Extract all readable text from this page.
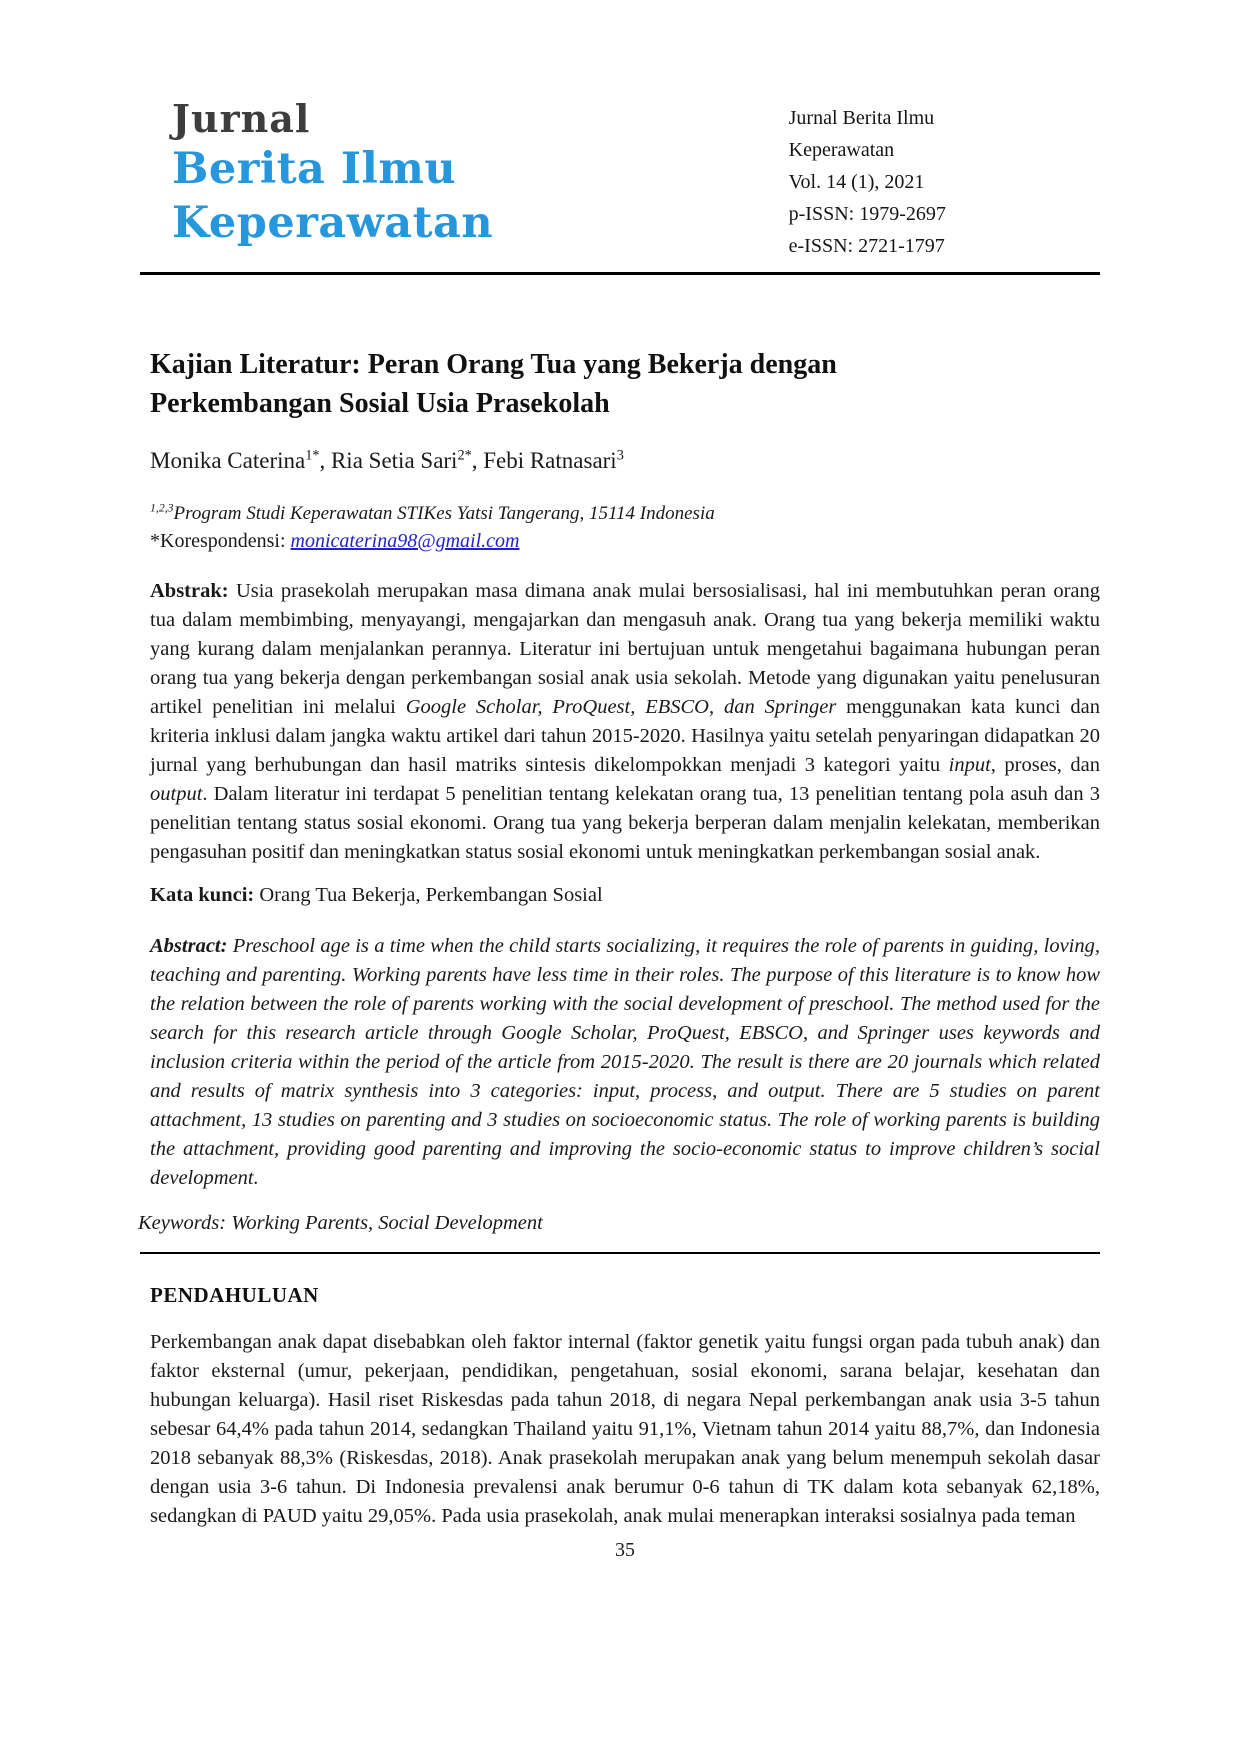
Jurnal
Berita Ilmu Keperawatan
Jurnal Berita Ilmu Keperawatan
Vol. 14 (1), 2021
p-ISSN: 1979-2697
e-ISSN: 2721-1797
Kajian Literatur: Peran Orang Tua yang Bekerja dengan Perkembangan Sosial Usia Prasekolah
Monika Caterina$^{1*}$, Ria Setia Sari$^{2*}$, Febi Ratnasari$^3$
$^{1,2,3}$Program Studi Keperawatan STIKes Yatsi Tangerang, 15114 Indonesia
*Korespondensi: monicaterina98@gmail.com

Abstrak: Usia prasekolah merupakan masa dimana anak mulai bersosialisasi, hal ini membutuhkan peran orang tua dalam membimbing, menyayangi, mengajarkan dan mengasuh anak. Orang tua yang bekerja memiliki waktu yang kurang dalam menjalankan perannya. Literatur ini bertujuan untuk mengetahui bagaimana hubungan peran orang tua yang bekerja dengan perkembangan sosial anak usia sekolah. Metode yang digunakan yaitu penelusuran artikel penelitian ini melalui Google Scholar, ProQuest, EBSCO, dan Springer menggunakan kata kunci dan kriteria inklusi dalam jangka waktu artikel dari tahun 2015-2020. Hasilnya yaitu setelah penyaringan didapatkan 20 jurnal yang berhubungan dan hasil matriks sintesis dikelompokkan menjadi 3 kategori yaitu input, proses, dan output. Dalam literatur ini terdapat 5 penelitian tentang kelekatan orang tua, 13 penelitian tentang pola asuh dan 3 penelitian tentang status sosial ekonomi. Orang tua yang bekerja berperan dalam menjalin kelekatan, memberikan pengasuhan positif dan meningkatkan status sosial ekonomi untuk meningkatkan perkembangan sosial anak.

Kata kunci: Orang Tua Bekerja, Perkembangan Sosial

Abstract: Preschool age is a time when the child starts socializing, it requires the role of parents in guiding, loving, teaching and parenting. Working parents have less time in their roles. The purpose of this literature is to know how the relation between the role of parents working with the social development of preschool. The method used for the search for this research article through Google Scholar, ProQuest, EBSCO, and Springer uses keywords and inclusion criteria within the period of the article from 2015-2020. The result is there are 20 journals which related and results of matrix synthesis into 3 categories: input, process, and output. There are 5 studies on parent attachment, 13 studies on parenting and 3 studies on socioeconomic status. The role of working parents is building the attachment, providing good parenting and improving the socio-economic status to improve children’s social development.

Keywords: Working Parents, Social Development

PENDAHULUAN

Perkembangan anak dapat disebabkan oleh faktor internal (faktor genetik yaitu fungsi organ pada tubuh anak) dan faktor eksternal (umur, pekerjaan, pendidikan, pengetahuan, sosial ekonomi, sarana belajar, kesehatan dan hubungan keluarga). Hasil riset Riskesdas pada tahun 2018, di negara Nepal perkembangan anak usia 3-5 tahun sebesar 64,4% pada tahun 2014, sedangkan Thailand yaitu 91,1%, Vietnam tahun 2014 yaitu 88,7%, dan Indonesia 2018 sebanyak 88,3% (Riskesdas, 2018). Anak prasekolah merupakan anak yang belum menempuh sekolah dasar dengan usia 3-6 tahun. Di Indonesia prevalensi anak berumur 0-6 tahun di TK dalam kota sebanyak 62,18%, sedangkan di PAUD yaitu 29,05%. Pada usia prasekolah, anak mulai menerapkan interaksi sosialnya pada teman

35
